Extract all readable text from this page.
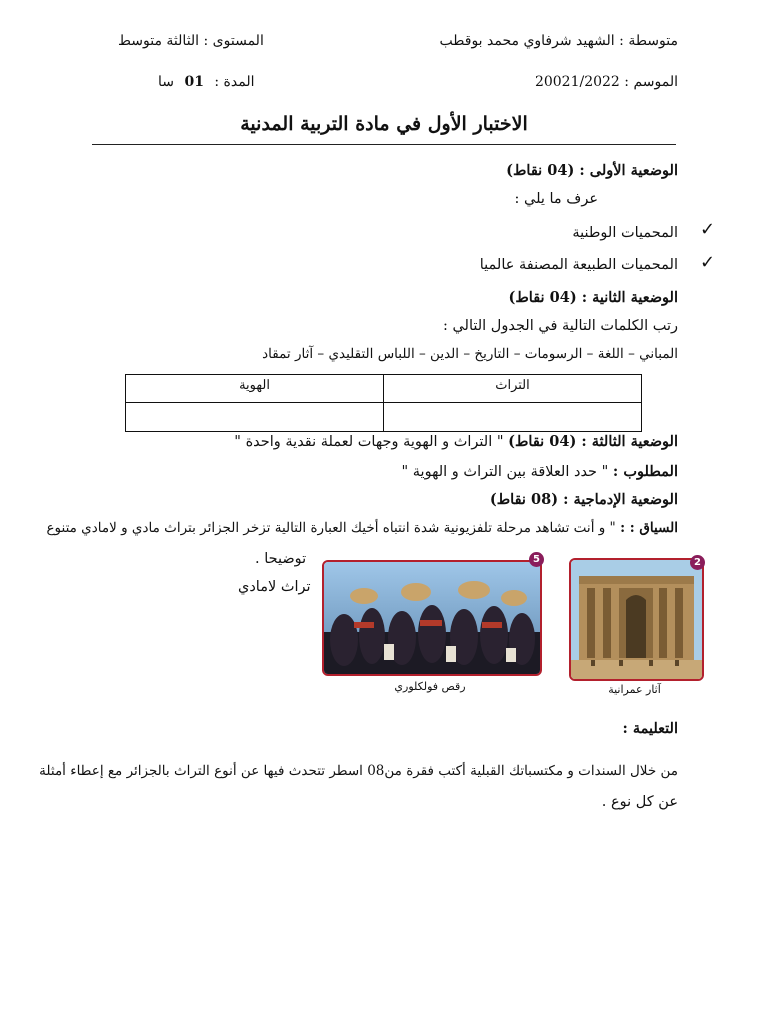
متوسطة : الشهيد شرفاوي محمد بوقطب
المستوى : الثالثة متوسط
الموسم : 20021/2022
المدة : 01 سا
الاختبار الأول في مادة التربية المدنية
الوضعية الأولى : (04 نقاط)
عرف ما يلي :
المحميات الوطنية ✓
المحميات الطبيعة المصنفة عالميا ✓
الوضعية الثانية : (04 نقاط)
رتب الكلمات التالية في الجدول التالي :
المباني – اللغة – الرسومات – التاريخ – الدين – اللباس التقليدي – آثار تمقاد
الهوية	التراث

الوضعية الثالثة : (04 نقاط) " التراث و الهوية وجهات لعملة نقدية واحدة "
المطلوب : " حدد العلاقة بين التراث و الهوية "
الوضعية الإدماجية : (08 نقاط)
السياق : : " و أنت تشاهد مرحلة تلفزيونية شدة انتباه أخيك العبارة التالية تزخر الجزائر بتراث مادي و لامادي متنوع
توضيحا .
تراث لامادي
5
رقص فولكلوري
2
آثار عمرانية
التعليمة :
من خلال السندات و مكتسباتك القبلية أكتب فقرة من08 اسطر تتحدث فيها عن أنوع التراث بالجزائر مع إعطاء أمثلة
عن كل نوع .
